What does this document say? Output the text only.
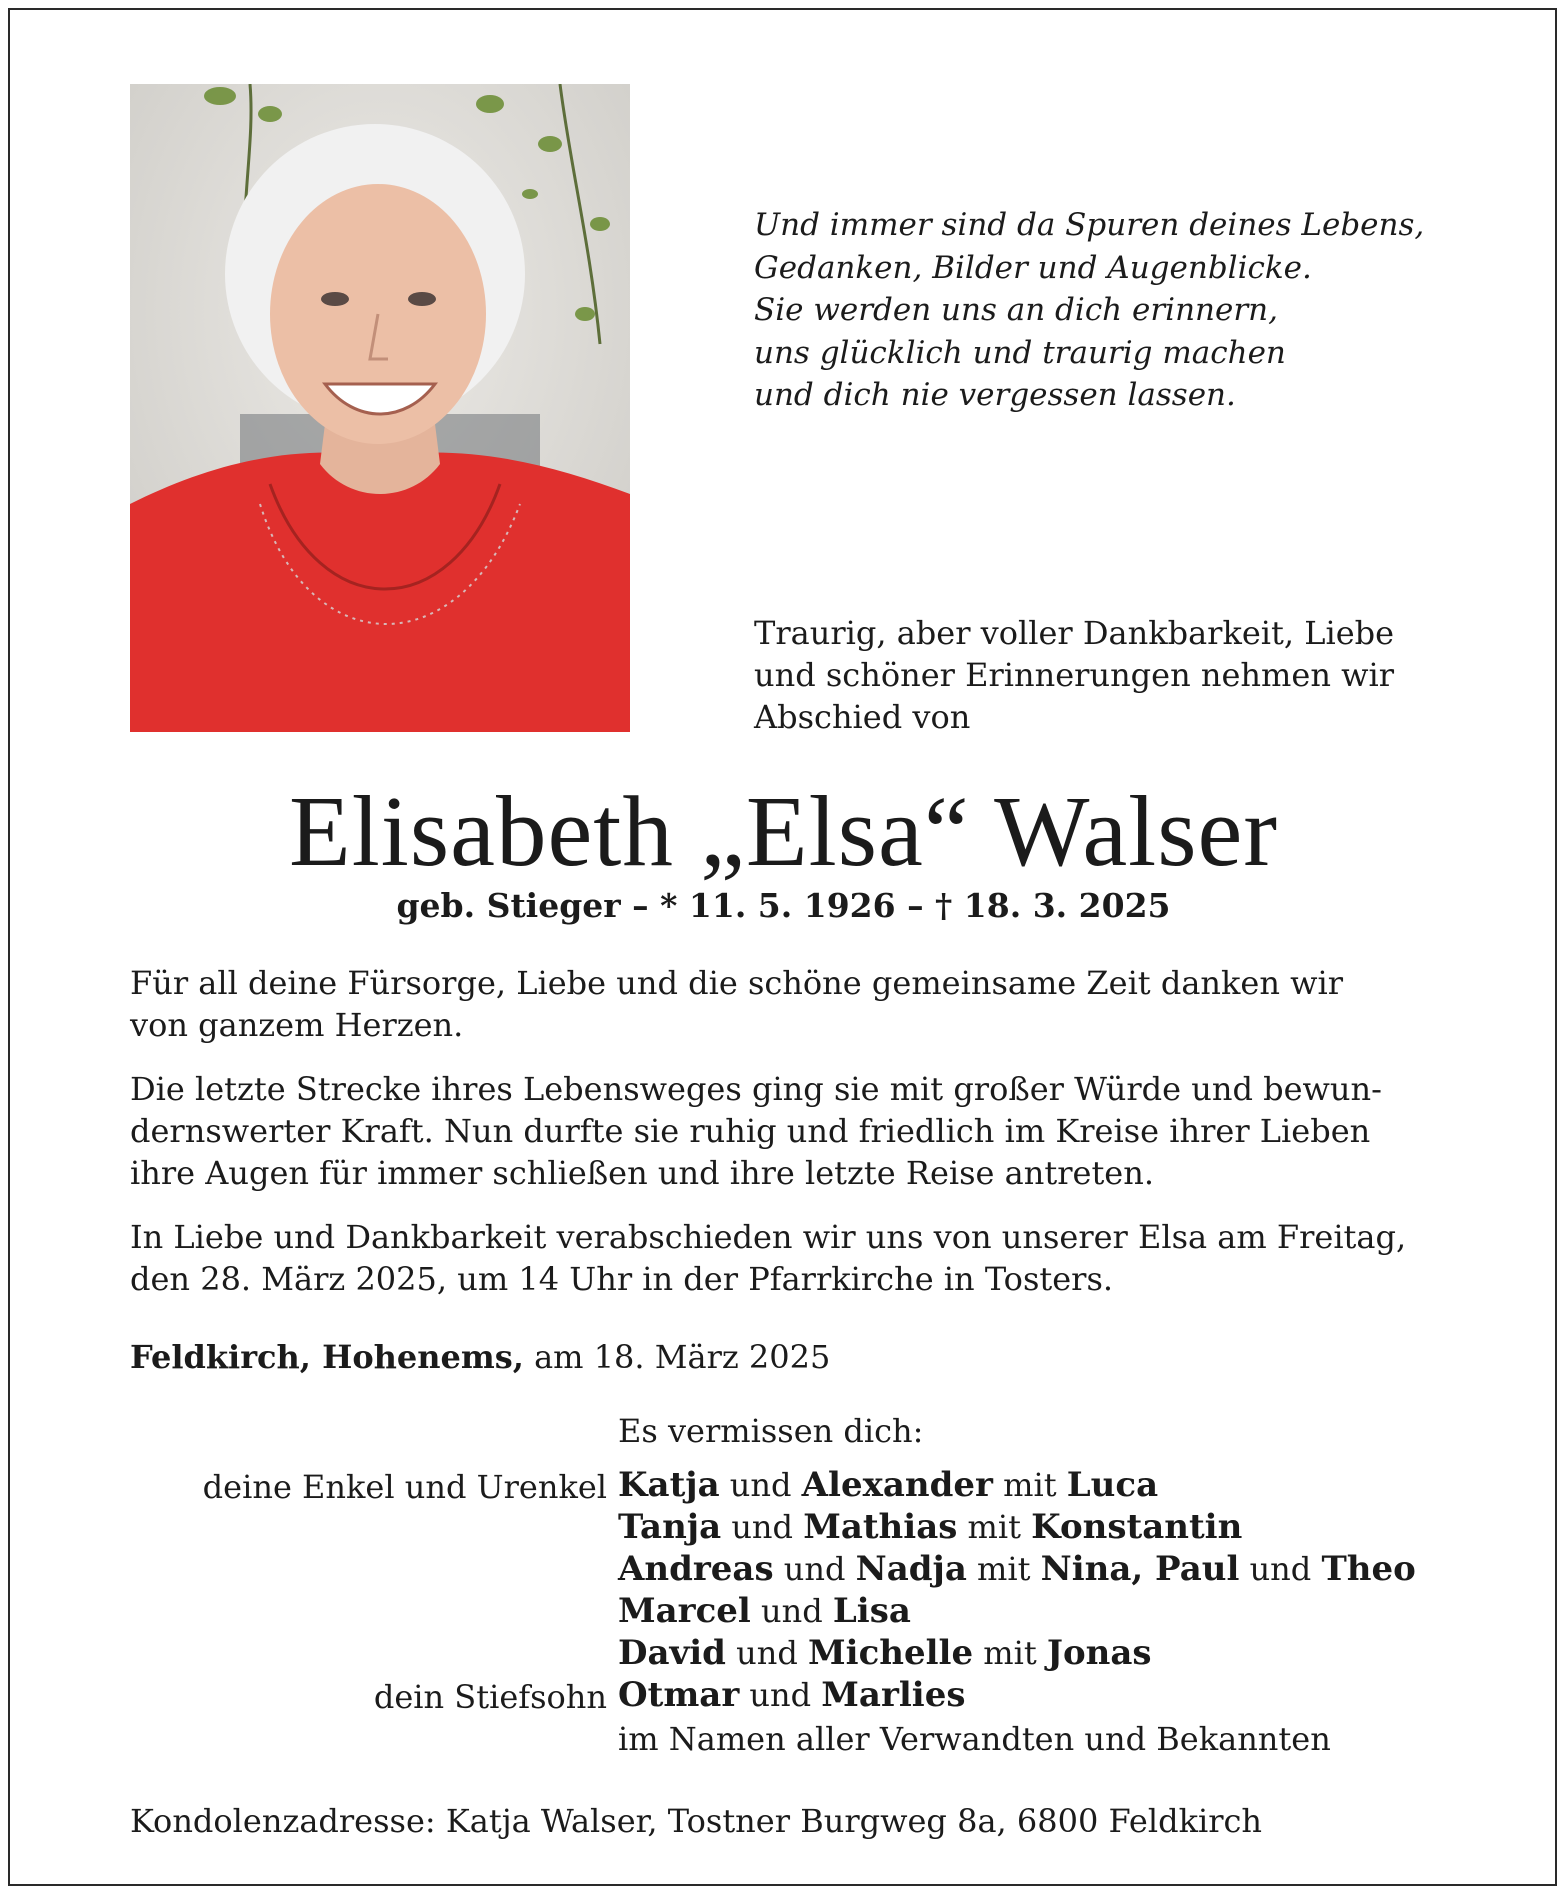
Und immer sind da Spuren deines Lebens,
Gedanken, Bilder und Augenblicke.
Sie werden uns an dich erinnern,
uns glücklich und traurig machen
und dich nie vergessen lassen.
Traurig, aber voller Dankbarkeit, Liebe
und schöner Erinnerungen nehmen wir
Abschied von
Elisabeth „Elsa“ Walser
geb. Stieger – * 11. 5. 1926 – † 18. 3. 2025
Für all deine Fürsorge, Liebe und die schöne gemeinsame Zeit danken wir
von ganzem Herzen.
Die letzte Strecke ihres Lebensweges ging sie mit großer Würde und bewun-
dernswerter Kraft. Nun durfte sie ruhig und friedlich im Kreise ihrer Lieben
ihre Augen für immer schließen und ihre letzte Reise antreten.
In Liebe und Dankbarkeit verabschieden wir uns von unserer Elsa am Freitag,
den 28. März 2025, um 14 Uhr in der Pfarrkirche in Tosters.
Feldkirch, Hohenems, am 18. März 2025
Es vermissen dich:
deine Enkel und Urenkel
dein Stiefsohn
Katja und Alexander mit Luca
Tanja und Mathias mit Konstantin
Andreas und Nadja mit Nina, Paul und Theo
Marcel und Lisa
David und Michelle mit Jonas
Otmar und Marlies
im Namen aller Verwandten und Bekannten
Kondolenzadresse: Katja Walser, Tostner Burgweg 8a, 6800 Feldkirch
